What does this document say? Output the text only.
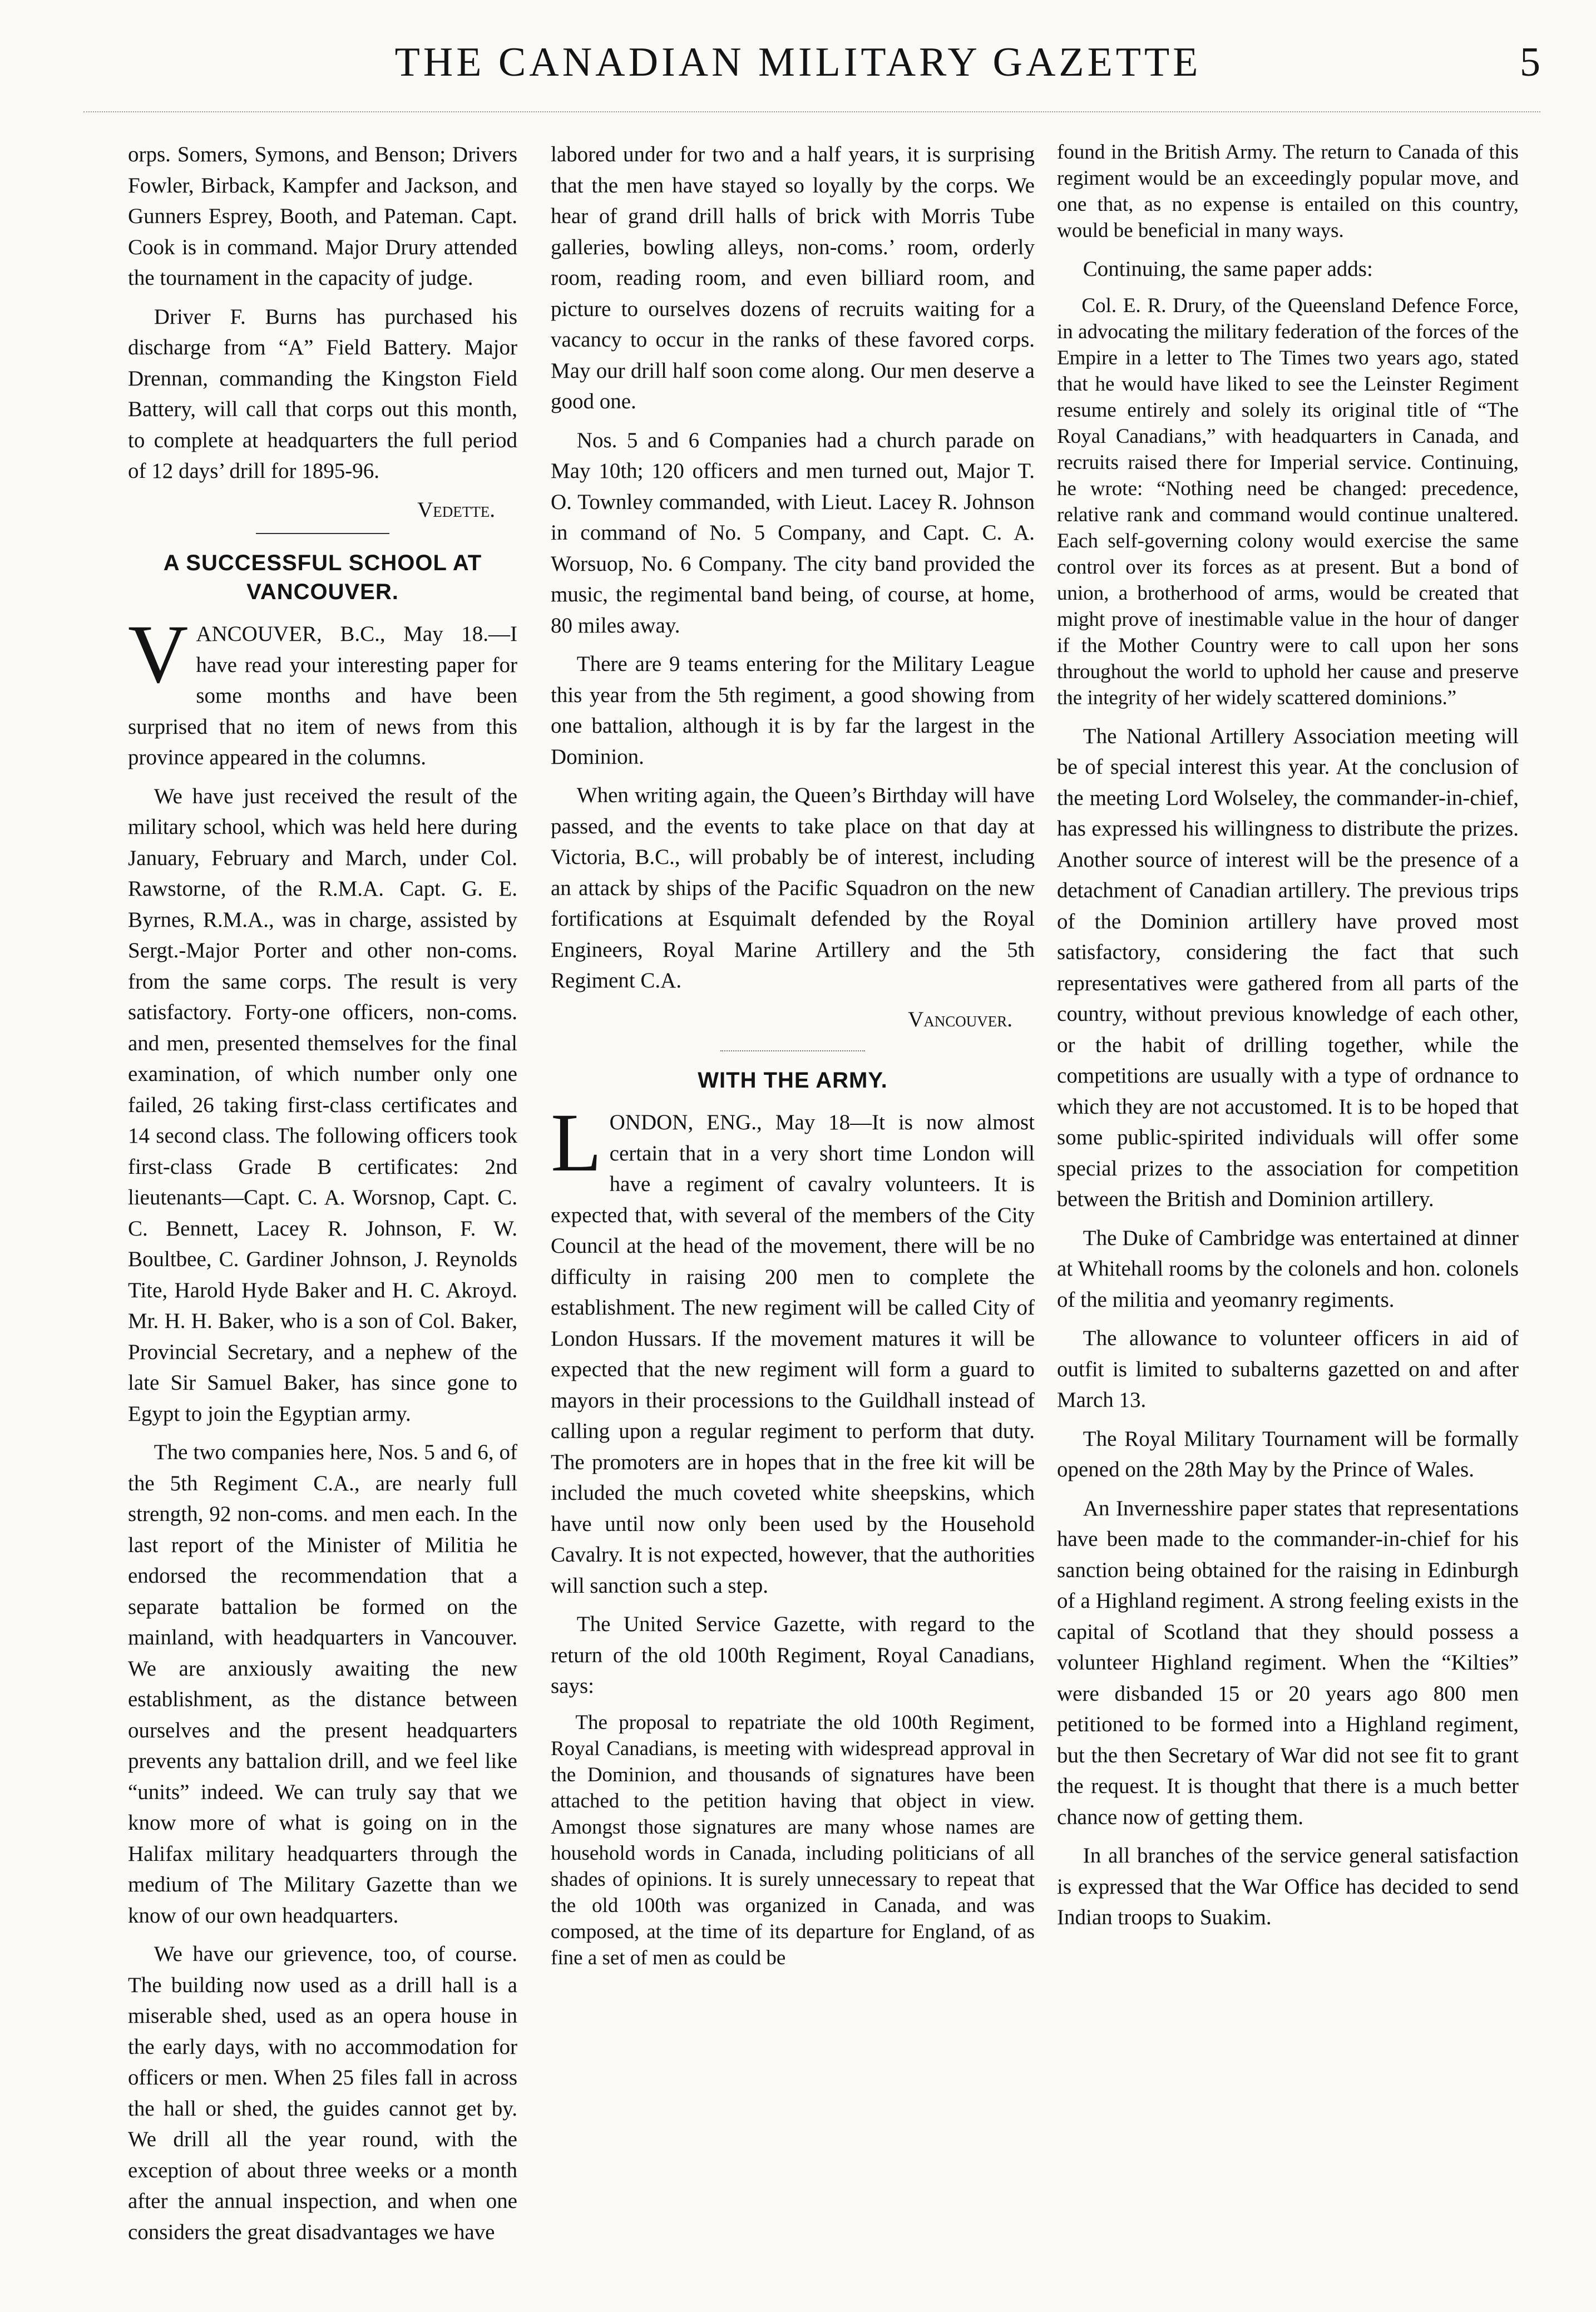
THE CANADIAN MILITARY GAZETTE	5

orps. Somers, Symons, and Benson; Drivers Fowler, Birback, Kampfer and Jackson, and Gunners Esprey, Booth, and Pateman. Capt. Cook is in command. Major Drury attended the tournament in the capacity of judge.

Driver F. Burns has purchased his discharge from “A” Field Battery. Major Drennan, commanding the Kingston Field Battery, will call that corps out this month, to complete at headquarters the full period of 12 days’ drill for 1895-96.

Vedette.

A SUCCESSFUL SCHOOL AT VANCOUVER.

VANCOUVER, B.C., May 18.—I have read your interesting paper for some months and have been surprised that no item of news from this province appeared in the columns.

We have just received the result of the military school, which was held here during January, February and March, under Col. Rawstorne, of the R.M.A. Capt. G. E. Byrnes, R.M.A., was in charge, assisted by Sergt.-Major Porter and other non-coms. from the same corps. The result is very satisfactory. Forty-one officers, non-coms. and men, presented themselves for the final examination, of which number only one failed, 26 taking first-class certificates and 14 second class. The following officers took first-class Grade B certificates: 2nd lieutenants—Capt. C. A. Worsnop, Capt. C. C. Bennett, Lacey R. Johnson, F. W. Boultbee, C. Gardiner Johnson, J. Reynolds Tite, Harold Hyde Baker and H. C. Akroyd. Mr. H. H. Baker, who is a son of Col. Baker, Provincial Secretary, and a nephew of the late Sir Samuel Baker, has since gone to Egypt to join the Egyptian army.

The two companies here, Nos. 5 and 6, of the 5th Regiment C.A., are nearly full strength, 92 non-coms. and men each. In the last report of the Minister of Militia he endorsed the recommendation that a separate battalion be formed on the mainland, with headquarters in Vancouver. We are anxiously awaiting the new establishment, as the distance between ourselves and the present headquarters prevents any battalion drill, and we feel like “units” indeed. We can truly say that we know more of what is going on in the Halifax military headquarters through the medium of The Military Gazette than we know of our own headquarters.

We have our grievence, too, of course. The building now used as a drill hall is a miserable shed, used as an opera house in the early days, with no accommodation for officers or men. When 25 files fall in across the hall or shed, the guides cannot get by. We drill all the year round, with the exception of about three weeks or a month after the annual inspection, and when one considers the great disadvantages we have

labored under for two and a half years, it is surprising that the men have stayed so loyally by the corps. We hear of grand drill halls of brick with Morris Tube galleries, bowling alleys, non-coms.’ room, orderly room, reading room, and even billiard room, and picture to ourselves dozens of recruits waiting for a vacancy to occur in the ranks of these favored corps. May our drill half soon come along. Our men deserve a good one.

Nos. 5 and 6 Companies had a church parade on May 10th; 120 officers and men turned out, Major T. O. Townley commanded, with Lieut. Lacey R. Johnson in command of No. 5 Company, and Capt. C. A. Worsuop, No. 6 Company. The city band provided the music, the regimental band being, of course, at home, 80 miles away.

There are 9 teams entering for the Military League this year from the 5th regiment, a good showing from one battalion, although it is by far the largest in the Dominion.

When writing again, the Queen’s Birthday will have passed, and the events to take place on that day at Victoria, B.C., will probably be of interest, including an attack by ships of the Pacific Squadron on the new fortifications at Esquimalt defended by the Royal Engineers, Royal Marine Artillery and the 5th Regiment C.A.

Vancouver.

WITH THE ARMY.

LONDON, ENG., May 18—It is now almost certain that in a very short time London will have a regiment of cavalry volunteers. It is expected that, with several of the members of the City Council at the head of the movement, there will be no difficulty in raising 200 men to complete the establishment. The new regiment will be called City of London Hussars. If the movement matures it will be expected that the new regiment will form a guard to mayors in their processions to the Guildhall instead of calling upon a regular regiment to perform that duty. The promoters are in hopes that in the free kit will be included the much coveted white sheepskins, which have until now only been used by the Household Cavalry. It is not expected, however, that the authorities will sanction such a step.

The United Service Gazette, with regard to the return of the old 100th Regiment, Royal Canadians, says:

The proposal to repatriate the old 100th Regiment, Royal Canadians, is meeting with widespread approval in the Dominion, and thousands of signatures have been attached to the petition having that object in view. Amongst those signatures are many whose names are household words in Canada, including politicians of all shades of opinions. It is surely unnecessary to repeat that the old 100th was organized in Canada, and was composed, at the time of its departure for England, of as fine a set of men as could be

found in the British Army. The return to Canada of this regiment would be an exceedingly popular move, and one that, as no expense is entailed on this country, would be beneficial in many ways.

Continuing, the same paper adds:

Col. E. R. Drury, of the Queensland Defence Force, in advocating the military federation of the forces of the Empire in a letter to The Times two years ago, stated that he would have liked to see the Leinster Regiment resume entirely and solely its original title of “The Royal Canadians,” with headquarters in Canada, and recruits raised there for Imperial service. Continuing, he wrote: “Nothing need be changed: precedence, relative rank and command would continue unaltered. Each self-governing colony would exercise the same control over its forces as at present. But a bond of union, a brotherhood of arms, would be created that might prove of inestimable value in the hour of danger if the Mother Country were to call upon her sons throughout the world to uphold her cause and preserve the integrity of her widely scattered dominions.”

The National Artillery Association meeting will be of special interest this year. At the conclusion of the meeting Lord Wolseley, the commander-in-chief, has expressed his willingness to distribute the prizes. Another source of interest will be the presence of a detachment of Canadian artillery. The previous trips of the Dominion artillery have proved most satisfactory, considering the fact that such representatives were gathered from all parts of the country, without previous knowledge of each other, or the habit of drilling together, while the competitions are usually with a type of ordnance to which they are not accustomed. It is to be hoped that some public-spirited individuals will offer some special prizes to the association for competition between the British and Dominion artillery.

The Duke of Cambridge was entertained at dinner at Whitehall rooms by the colonels and hon. colonels of the militia and yeomanry regiments.

The allowance to volunteer officers in aid of outfit is limited to subalterns gazetted on and after March 13.

The Royal Military Tournament will be formally opened on the 28th May by the Prince of Wales.

An Invernesshire paper states that representations have been made to the commander-in-chief for his sanction being obtained for the raising in Edinburgh of a Highland regiment. A strong feeling exists in the capital of Scotland that they should possess a volunteer Highland regiment. When the “Kilties” were disbanded 15 or 20 years ago 800 men petitioned to be formed into a Highland regiment, but the then Secretary of War did not see fit to grant the request. It is thought that there is a much better chance now of getting them.

In all branches of the service general satisfaction is expressed that the War Office has decided to send Indian troops to Suakim.
